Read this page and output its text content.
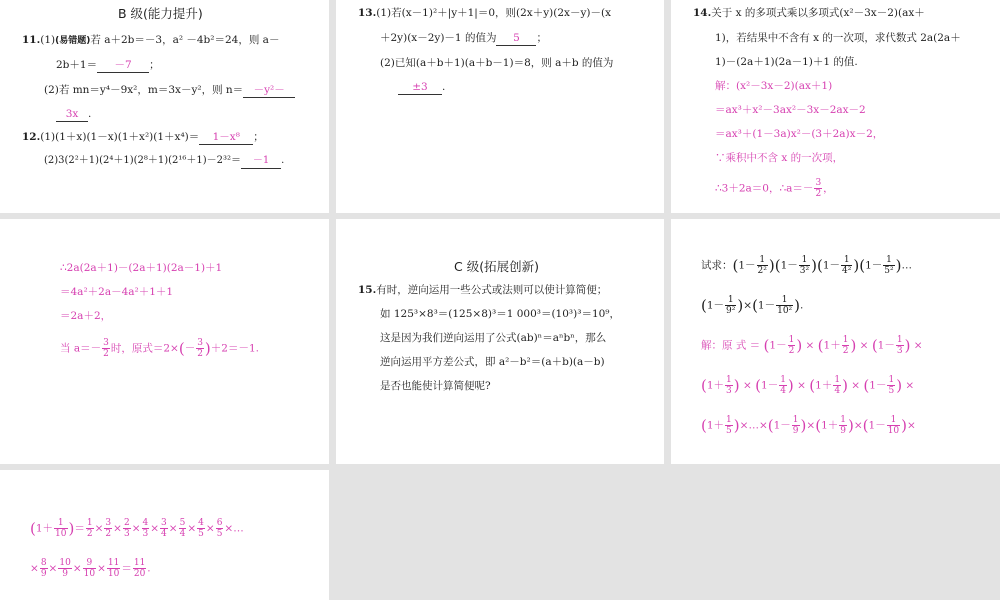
B 级(能力提升)
11.(1)(易错题)若 a＋2b＝－3，a² －4b²＝24，则 a－
2b＋1＝ －7 ；
(2)若 mn＝y⁴－9x²，m＝3x－y²，则 n＝ －y²－
3x .
12.(1)(1＋x)(1－x)(1＋x²)(1＋x⁴)＝ 1－x⁸ ；
(2)3(2²＋1)(2⁴＋1)(2⁸＋1)(2¹⁶＋1)－2³²＝ －1 .
13.(1)若(x－1)²＋|y＋1|＝0，则(2x＋y)(2x－y)－(x
＋2y)(x－2y)－1 的值为 5 ；
(2)已知(a＋b＋1)(a＋b－1)＝8，则 a＋b 的值为
±3 .
14.关于 x 的多项式乘以多项式(x²－3x－2)(ax＋
1)，若结果中不含有 x 的一次项，求代数式 2a(2a＋
1)－(2a＋1)(2a－1)＋1 的值.
解：(x²－3x－2)(ax＋1)
＝ax³＋x²－3ax²－3x－2ax－2
＝ax³＋(1－3a)x²－(3＋2a)x－2，
∵乘积中不含 x 的一次项，
∴3＋2a＝0，∴a＝－ $\frac{3}{2}$ ，
∴2a(2a＋1)－(2a＋1)(2a－1)＋1
＝4a²＋2a－4a²＋1＋1
＝2a＋2，
当 $a=- \frac{3}{2}$ 时，原式$=2\times(- \frac{3}{2} )+2=-1$.
C 级(拓展创新)
15.有时，逆向运用一些公式或法则可以使计算简便；
如 125³×8³＝(125×8)³＝1 000³＝(10³)³＝10⁹，
这是因为我们逆向运用了公式(ab)ⁿ＝aⁿbⁿ，那么
逆向运用平方差公式，即 a²－b²＝(a＋b)(a－b)
是否也能使计算简便呢?
试求：$(1- \frac{1}{\text{2²}} )(1- \frac{1}{\text{3²}} )(1- \frac{1}{\text{4²}} )(1- \frac{1}{\text{5²}}$ )…
$(1- \frac{1}{\text{9²}} )\times(1- \frac{1}{\text{10²}}$ ).
解：原 式 ＝ ($1- \frac{1}{2}$ ) × ($1+ \frac{1}{2}$ ) × ($1- \frac{1}{3}$ ) ×
($1+ \frac{1}{3}$ ) × ($1- \frac{1}{4}$ ) × ($1+ \frac{1}{4}$ ) × ($1- \frac{1}{5}$ ) ×
($1+ \frac{1}{5}$ )×…×(1－ $\frac{1}{9} )\times(1+ \frac{1}{9} )\times(1- \frac{1}{10}$ )×
($1+ \frac{1}{10}$ )＝ $\frac{1}{2} \times \frac{3}{2} \times \frac{2}{3} \times \frac{4}{3} \times \frac{3}{4} \times \frac{5}{4} \times \frac{4}{5} \times \frac{6}{5}$ ×…
× $\frac{8}{9} \times \frac{10}{9} \times \frac{9}{10} \times \frac{11}{10} = \frac{11}{20}$ .
